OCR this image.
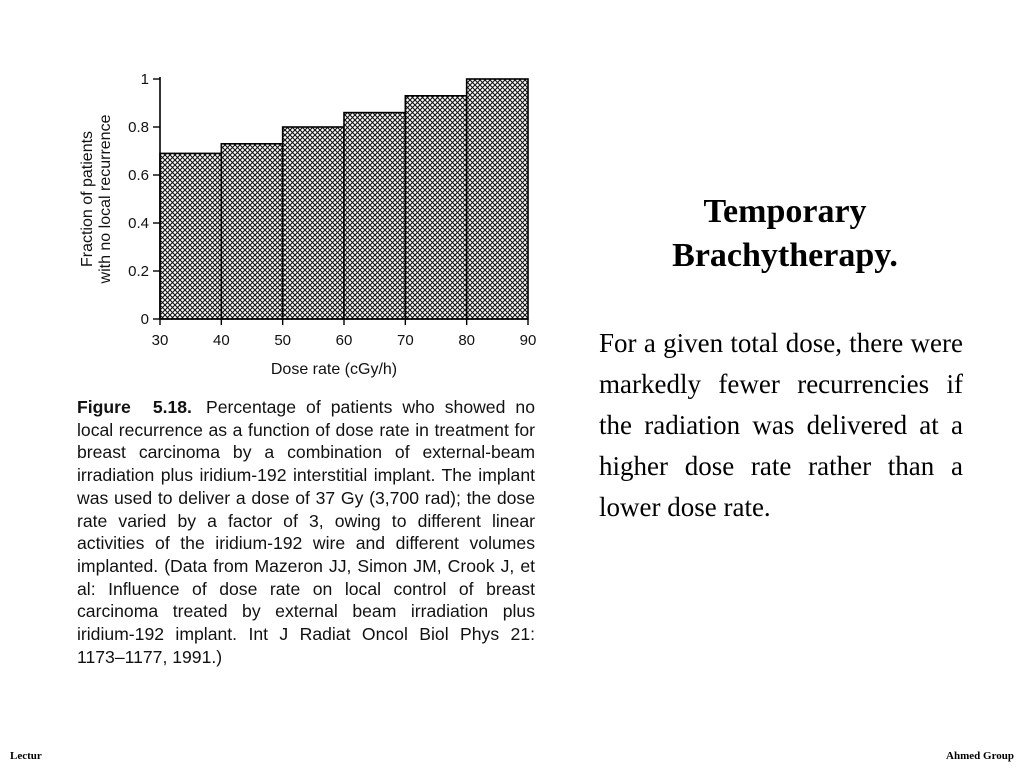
0
0.2
0.4
0.6
0.8
1
30	40	50	60	70	80	90
Dose rate (cGy/h)
Fraction of patients with no local recurrence
Figure 5.18. Percentage of patients who showed no local recurrence as a function of dose rate in treatment for breast carcinoma by a combination of external-beam irradiation plus iridium-192 interstitial implant. The implant was used to deliver a dose of 37 Gy (3,700 rad); the dose rate varied by a factor of 3, owing to different linear activities of the iridium-192 wire and different volumes implanted. (Data from Mazeron JJ, Simon JM, Crook J, et al: Influence of dose rate on local control of breast carcinoma treated by external beam irradiation plus iridium-192 implant. Int J Radiat Oncol Biol Phys 21: 1173–1177, 1991.)
Temporary
Brachytherapy.
For a given total dose, there were markedly fewer recurrencies if the radiation was delivered at a higher dose rate rather than a lower dose rate.
Lectur	Ahmed Group
